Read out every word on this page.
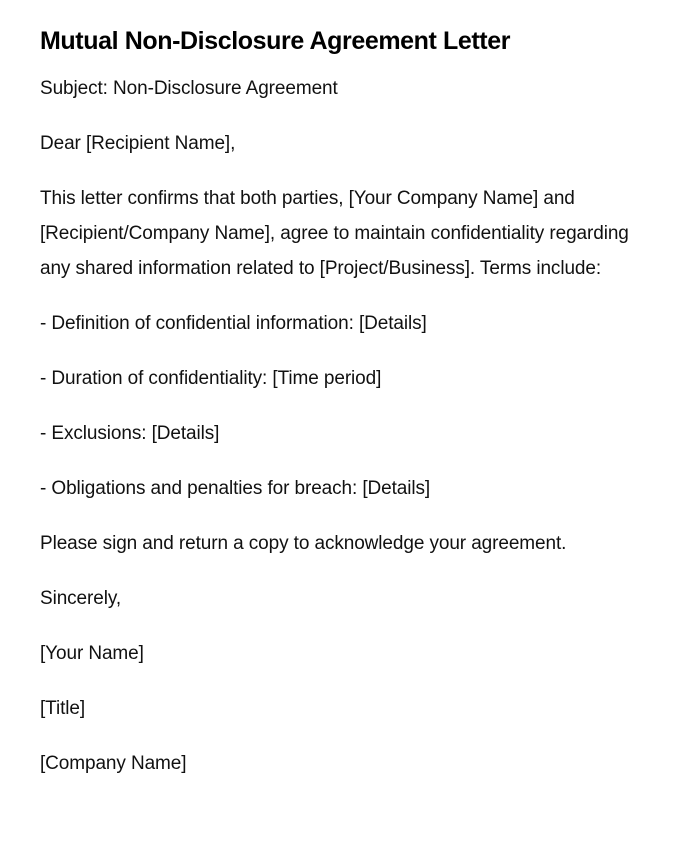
Mutual Non-Disclosure Agreement Letter

Subject: Non-Disclosure Agreement

Dear [Recipient Name],

This letter confirms that both parties, [Your Company Name] and [Recipient/Company Name], agree to maintain confidentiality regarding any shared information related to [Project/Business]. Terms include:

- Definition of confidential information: [Details]

- Duration of confidentiality: [Time period]

- Exclusions: [Details]

- Obligations and penalties for breach: [Details]

Please sign and return a copy to acknowledge your agreement.

Sincerely,

[Your Name]

[Title]

[Company Name]
